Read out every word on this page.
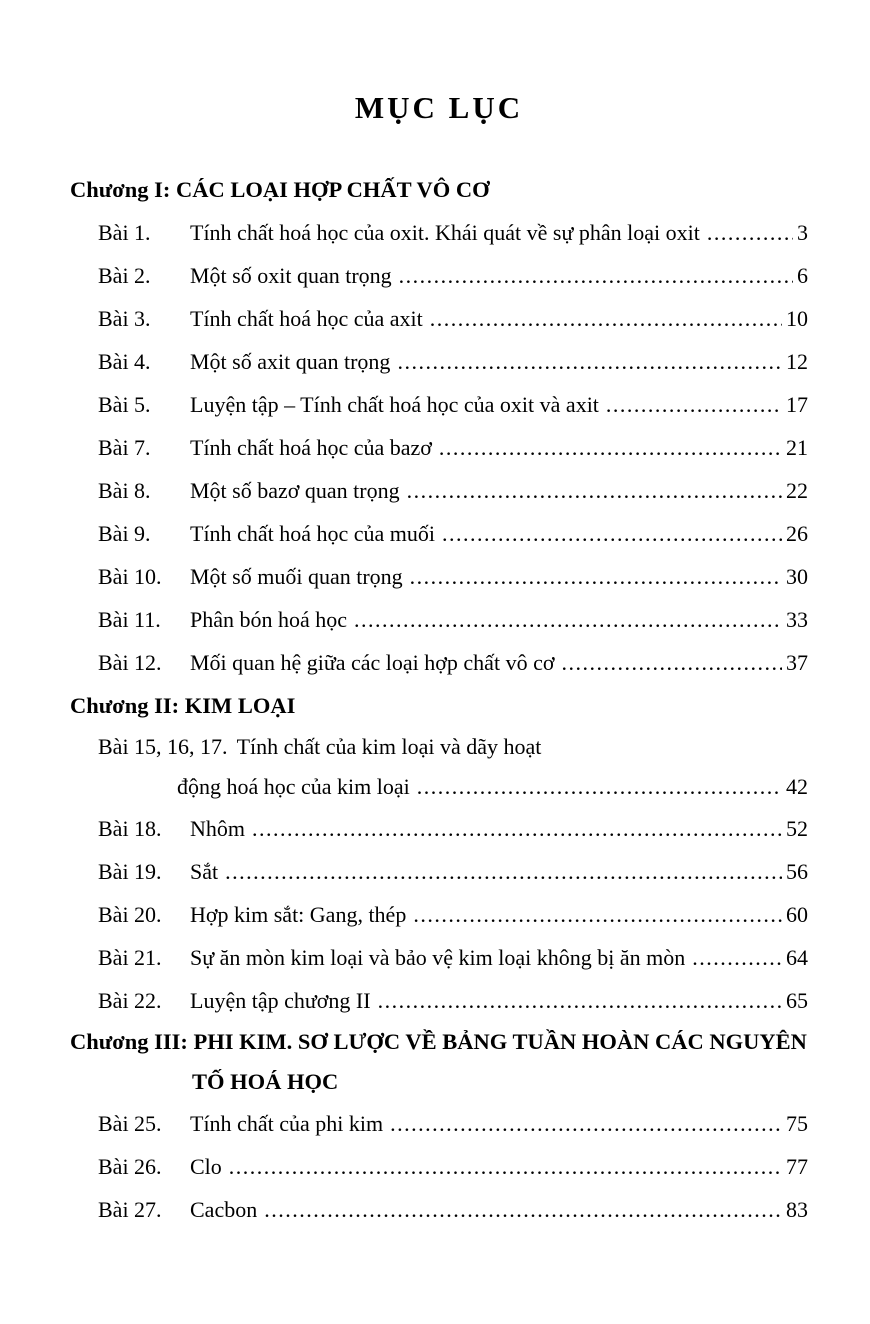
MỤC LỤC
Chương I: CÁC LOẠI HỢP CHẤT VÔ CƠ
Bài 1.	Tính chất hoá học của oxit. Khái quát về sự phân loại oxit .....	3
Bài 2.	Một số oxit quan trọng .....	6
Bài 3.	Tính chất hoá học của axit .....	10
Bài 4.	Một số axit quan trọng .....	12
Bài 5.	Luyện tập – Tính chất hoá học của oxit và axit .....	17
Bài 7.	Tính chất hoá học của bazơ .....	21
Bài 8.	Một số bazơ quan trọng .....	22
Bài 9.	Tính chất hoá học của muối .....	26
Bài 10.	Một số muối quan trọng .....	30
Bài 11.	Phân bón hoá học .....	33
Bài 12.	Mối quan hệ giữa các loại hợp chất vô cơ .....	37
Chương II: KIM LOẠI
Bài 15, 16, 17. Tính chất của kim loại và dãy hoạt
động hoá học của kim loại .....	42
Bài 18.	Nhôm .....	52
Bài 19.	Sắt .....	56
Bài 20.	Hợp kim sắt: Gang, thép .....	60
Bài 21.	Sự ăn mòn kim loại và bảo vệ kim loại không bị ăn mòn .....	64
Bài 22.	Luyện tập chương II .....	65
Chương III: PHI KIM. SƠ LƯỢC VỀ BẢNG TUẦN HOÀN CÁC NGUYÊN
TỐ HOÁ HỌC
Bài 25.	Tính chất của phi kim .....	75
Bài 26.	Clo .....	77
Bài 27.	Cacbon .....	83
